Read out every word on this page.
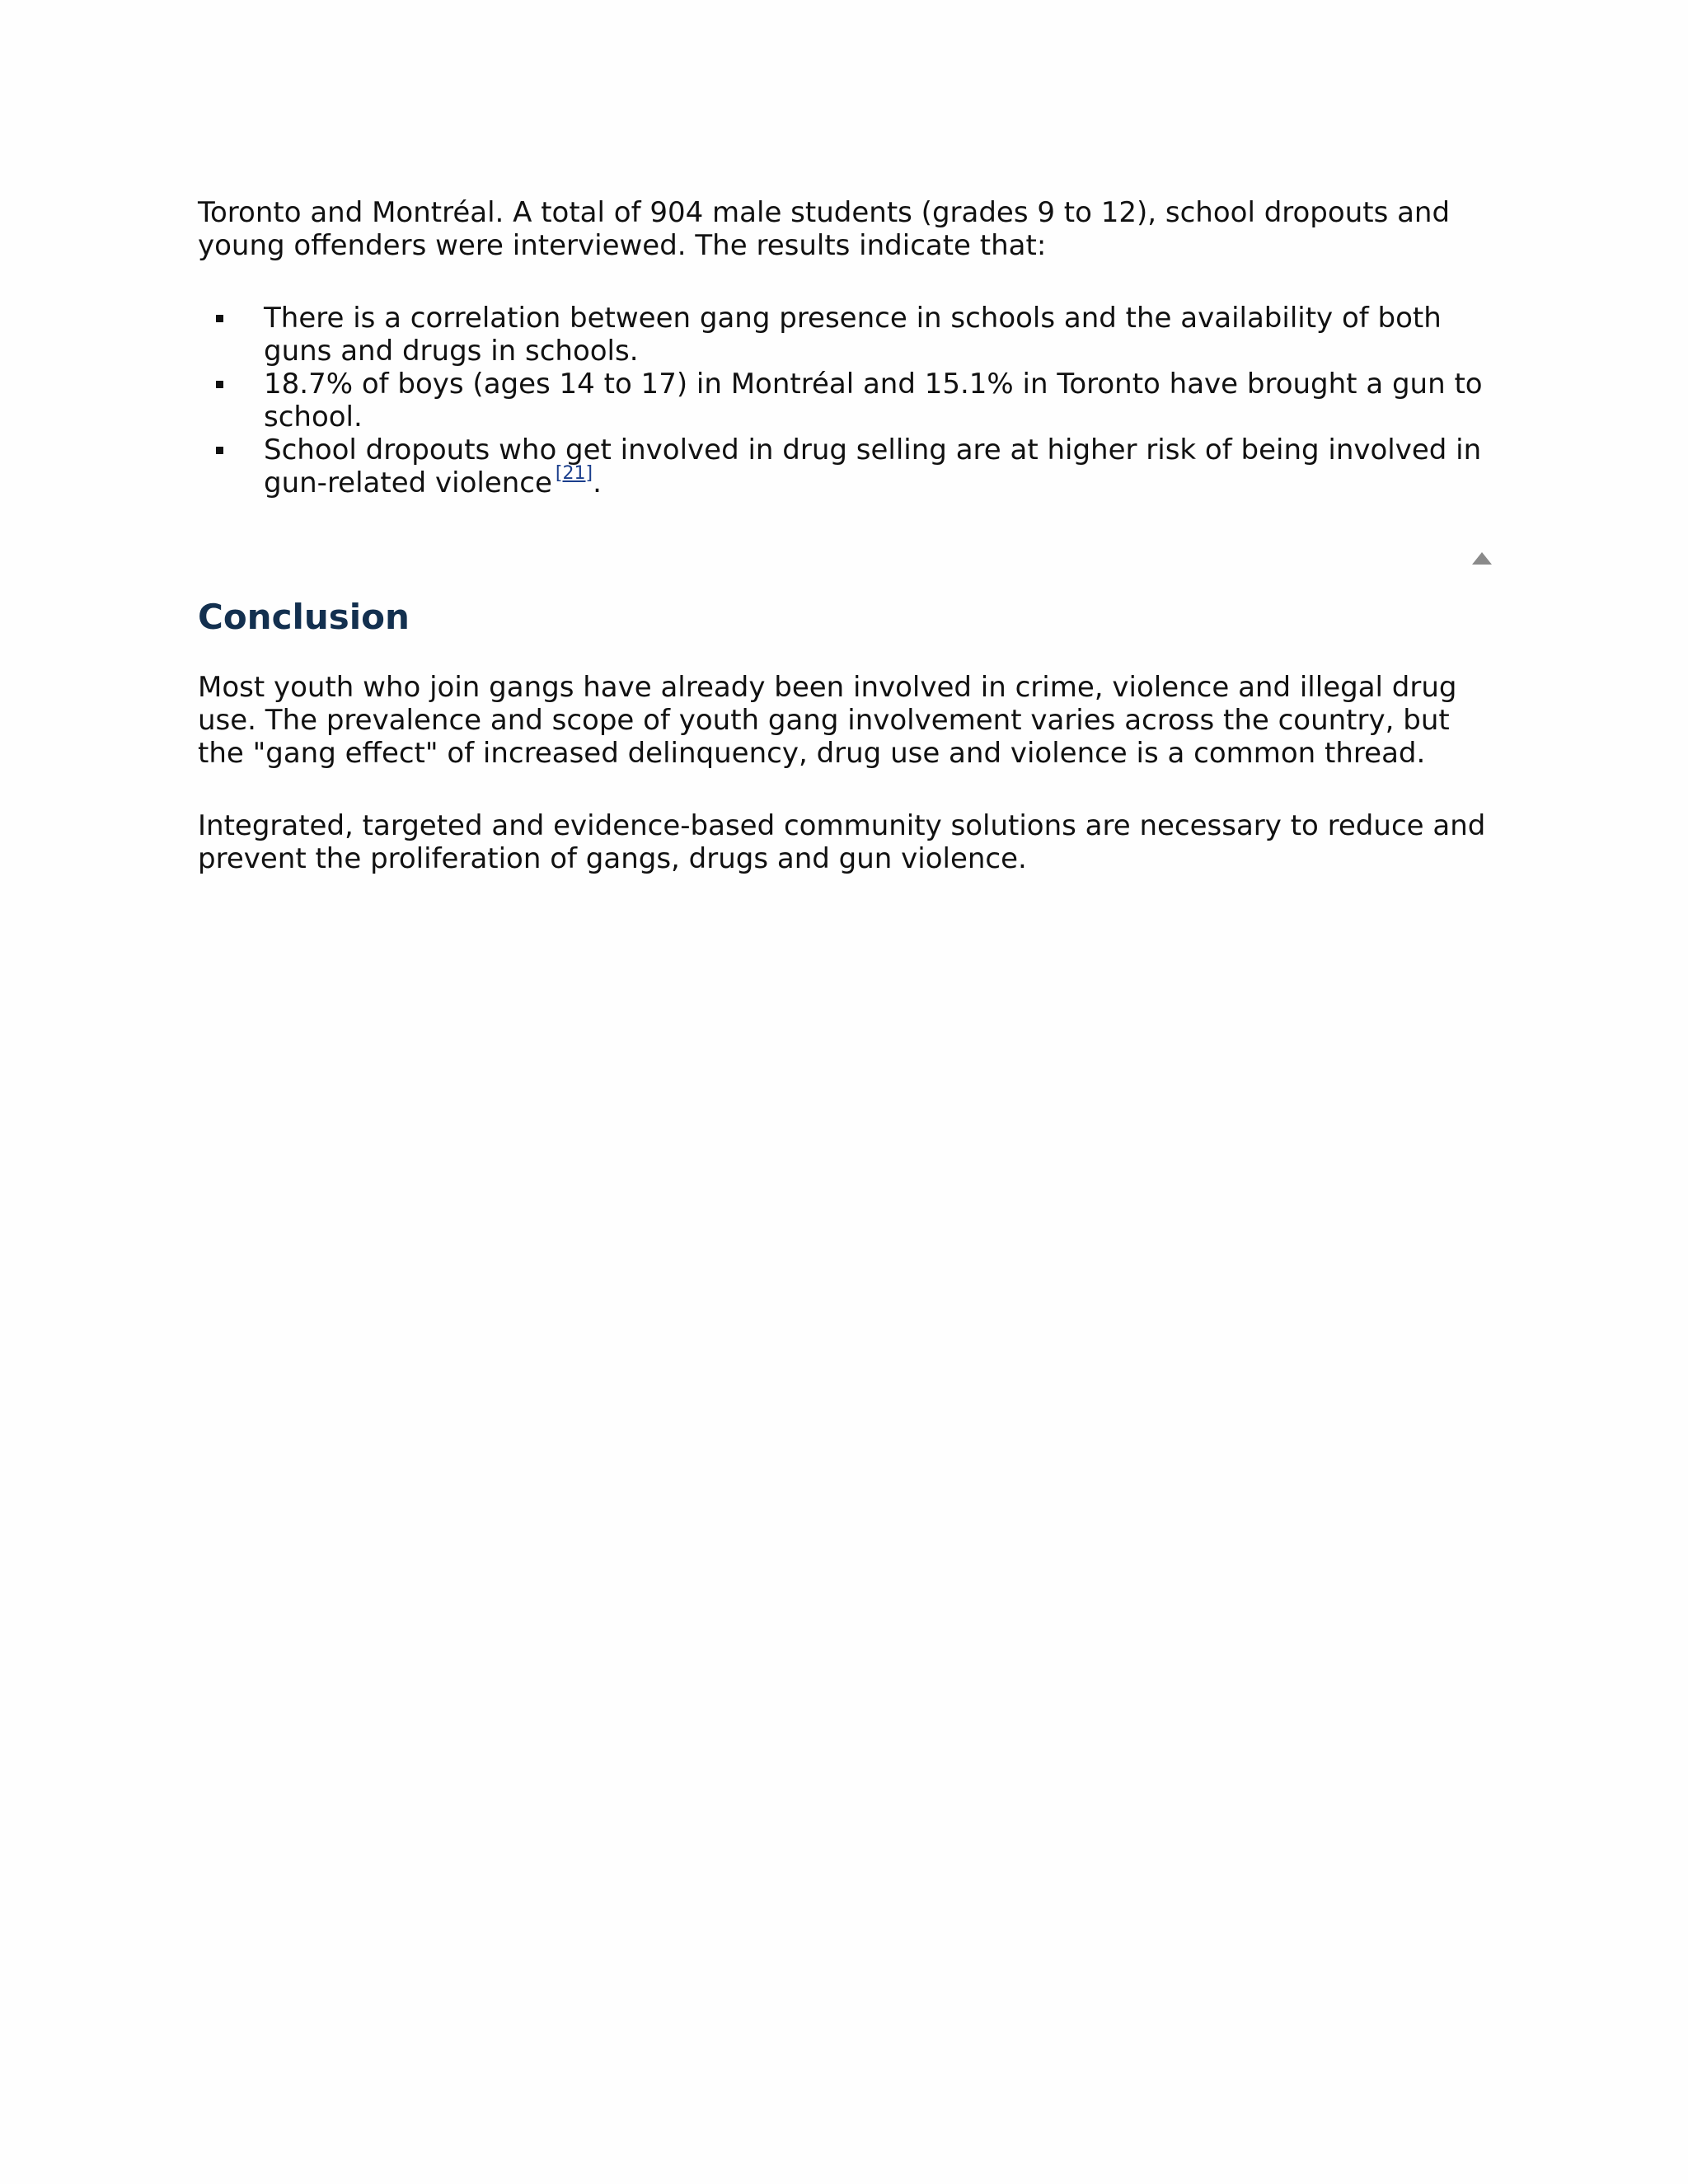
Toronto and Montréal. A total of 904 male students (grades 9 to 12), school dropouts and young offenders were interviewed. The results indicate that:

There is a correlation between gang presence in schools and the availability of both guns and drugs in schools.
18.7% of boys (ages 14 to 17) in Montréal and 15.1% in Toronto have brought a gun to school.
School dropouts who get involved in drug selling are at higher risk of being involved in gun-related violence [21].
Conclusion

Most youth who join gangs have already been involved in crime, violence and illegal drug use. The prevalence and scope of youth gang involvement varies across the country, but the "gang effect" of increased delinquency, drug use and violence is a common thread.

Integrated, targeted and evidence-based community solutions are necessary to reduce and prevent the proliferation of gangs, drugs and gun violence.
